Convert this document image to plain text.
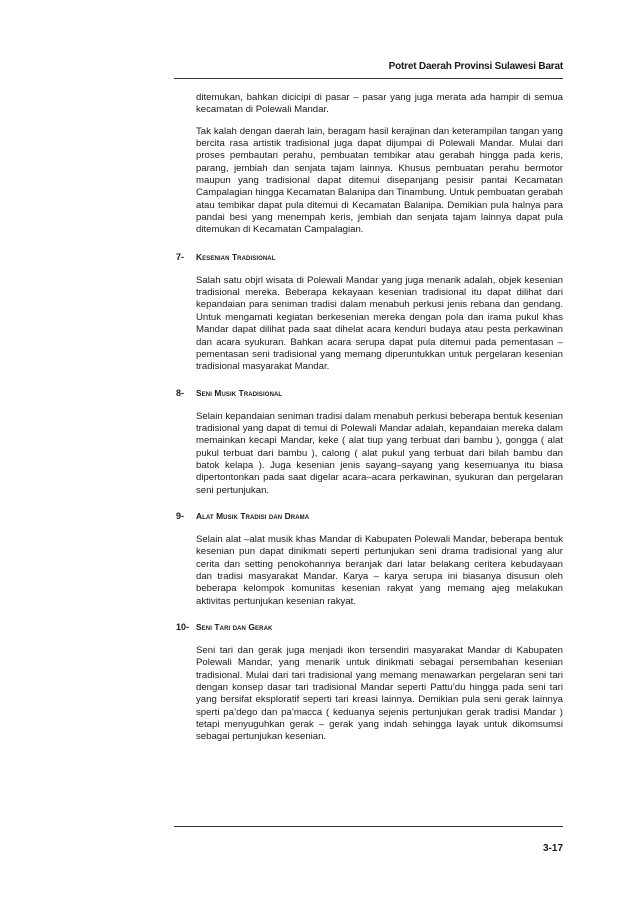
Potret Daerah Provinsi Sulawesi Barat

ditemukan, bahkan dicicipi di pasar – pasar yang juga merata ada hampir di semua kecamatan di Polewali Mandar.

Tak kalah dengan daerah lain, beragam hasil kerajinan dan keterampilan tangan yang bercita rasa artistik tradisional juga dapat dijumpai di Polewali Mandar. Mulai dari proses pembautan perahu, pembuatan tembikar atau gerabah hingga pada keris, parang, jembiah dan senjata tajam lainnya. Khusus pembuatan perahu bermotor maupun yang tradisional dapat ditemui disepanjang pesisir pantai Kecamatan Campalagian hingga Kecamatan Balanipa dan Tinambung. Untuk pembuatan gerabah atau tembikar dapat pula ditemui di Kecamatan Balanipa. Demikian pula halnya para pandai besi yang menempah keris, jembiah dan senjata tajam lainnya dapat pula ditemukan di Kecamatan Campalagian.

7-	Kesenian Tradisional

Salah satu objrl wisata di Polewali Mandar yang juga menarik adalah, objek kesenian tradisional mereka. Beberapa kekayaan kesenian tradisional itu dapat dilihat dari kepandaian para seniman tradisi dalam menabuh perkusi jenis rebana dan gendang. Untuk mengamati kegiatan berkesenian mereka dengan pola dan irama pukul khas Mandar dapat dilihat pada saat dihelat acara kenduri budaya atau pesta perkawinan dan acara syukuran. Bahkan acara serupa dapat pula ditemui pada pementasan – pementasan seni tradisional yang memang diperuntukkan untuk pergelaran kesenian tradisional masyarakat Mandar.

8-	Seni Musik Tradisional

Selain kepandaian seniman tradisi dalam menabuh perkusi beberapa bentuk kesenian tradisional yang dapat di temui di Polewali Mandar adalah, kepandaian mereka dalam memainkan kecapi Mandar, keke ( alat tiup yang terbuat dari bambu ), gongga ( alat pukul terbuat dari bambu ), calong ( alat pukul yang terbuat dari bilah bambu dan batok kelapa ). Juga kesenian jenis sayang–sayang yang kesemuanya itu biasa dipertontonkan pada saat digelar acara–acara perkawinan, syukuran dan pergelaran seni pertunjukan.

9-	Alat Musik Tradisi dan Drama

Selain alat –alat musik khas Mandar di Kabupaten Polewali Mandar, beberapa bentuk kesenian pun dapat dinikmati seperti pertunjukan seni drama tradisional yang alur cerita dan setting penokohannya beranjak dari latar belakang ceritera kebudayaan dan tradisi masyarakat Mandar. Karya – karya serupa ini biasanya disusun oleh beberapa kelompok komunitas kesenian rakyat yang memang ajeg melakukan aktivitas pertunjukan kesenian rakyat.

10- Seni Tari dan Gerak

Seni tari dan gerak juga menjadi ikon tersendiri masyarakat Mandar di Kabupaten Polewali Mandar, yang menarik untuk dinikmati sebagai persembahan kesenian tradisional. Mulai dari tari tradisional yang memang menawarkan pergelaran seni tari dengan konsep dasar tari tradisional Mandar seperti Pattu’du hingga pada seni tari yang bersifat eksploratif seperti tari kreasi lainnya. Demikian pula seni gerak lainnya sperti pa’dego dan pa’macca ( keduanya sejenis pertunjukan gerak tradisi Mandar ) tetapi menyuguhkan gerak – gerak yang indah sehingga layak untuk dikomsumsi sebagai pertunjukan kesenian.

3-17
